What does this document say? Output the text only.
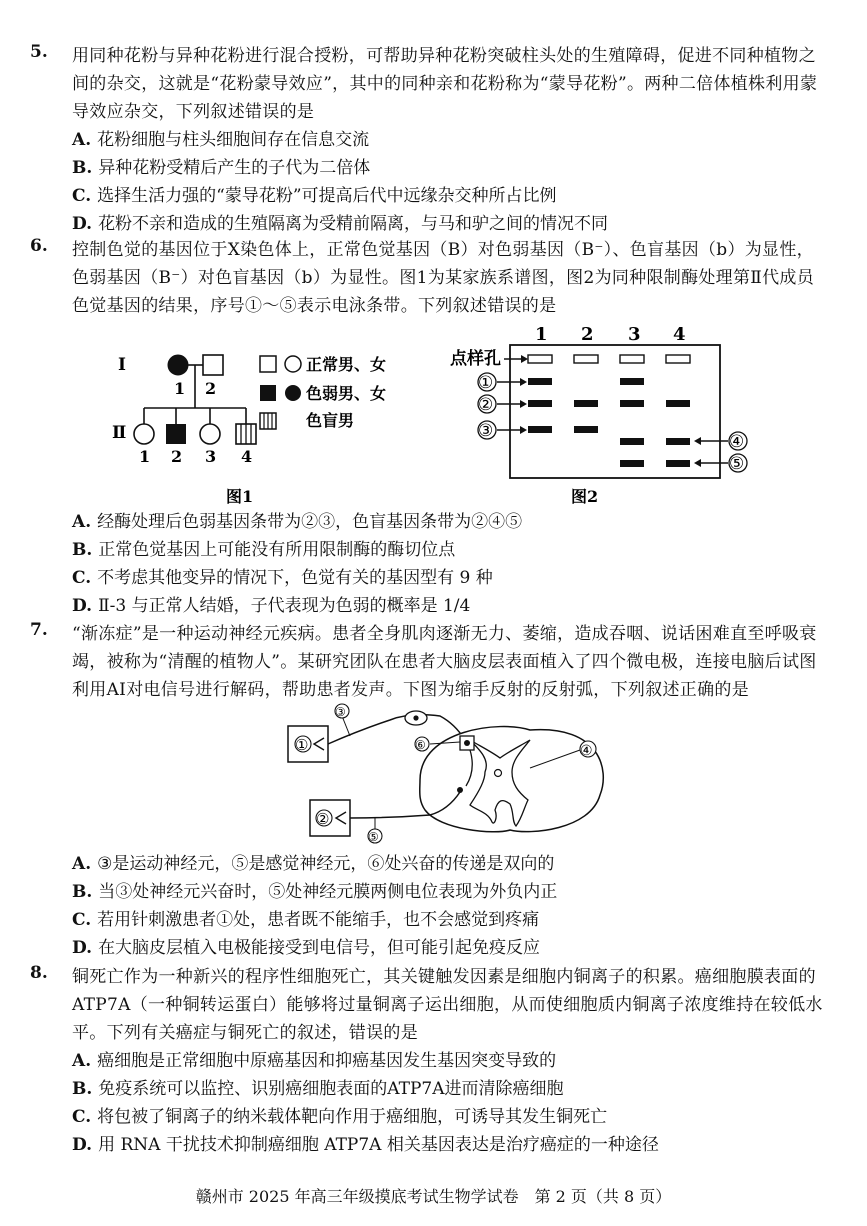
5. 用同种花粉与异种花粉进行混合授粉，可帮助异种花粉突破柱头处的生殖障碍，促进不同种植物之间的杂交，这就是“花粉蒙导效应”，其中的同种亲和花粉称为“蒙导花粉”。两种二倍体植株利用蒙导效应杂交，下列叙述错误的是
A. 花粉细胞与柱头细胞间存在信息交流
B. 异种花粉受精后产生的子代为二倍体
C. 选择生活力强的“蒙导花粉”可提高后代中远缘杂交种所占比例
D. 花粉不亲和造成的生殖隔离为受精前隔离，与马和驴之间的情况不同
6. 控制色觉的基因位于X染色体上，正常色觉基因（B）对色弱基因（B⁻）、色盲基因（b）为显性，色弱基因（B⁻）对色盲基因（b）为显性。图1为某家族系谱图，图2为同种限制酶处理第Ⅱ代成员色觉基因的结果，序号①～⑤表示电泳条带。下列叙述错误的是
I
1 2
Ⅱ
1 2 3 4
正常男、女
色弱男、女
色盲男
图1
1 2 3 4
点样孔
①
②
③
④
⑤
图2
A. 经酶处理后色弱基因条带为②③，色盲基因条带为②④⑤
B. 正常色觉基因上可能没有所用限制酶的酶切位点
C. 不考虑其他变异的情况下，色觉有关的基因型有 9 种
D. Ⅱ-3 与正常人结婚，子代表现为色弱的概率是 1/4
7. “渐冻症”是一种运动神经元疾病。患者全身肌肉逐渐无力、萎缩，造成吞咽、说话困难直至呼吸衰竭，被称为“清醒的植物人”。某研究团队在患者大脑皮层表面植入了四个微电极，连接电脑后试图利用AI对电信号进行解码，帮助患者发声。下图为缩手反射的反射弧，下列叙述正确的是
①
②
③
⑥
⑤
④
A. ③是运动神经元，⑤是感觉神经元，⑥处兴奋的传递是双向的
B. 当③处神经元兴奋时，⑤处神经元膜两侧电位表现为外负内正
C. 若用针刺激患者①处，患者既不能缩手，也不会感觉到疼痛
D. 在大脑皮层植入电极能接受到电信号，但可能引起免疫反应
8. 铜死亡作为一种新兴的程序性细胞死亡，其关键触发因素是细胞内铜离子的积累。癌细胞膜表面的 ATP7A（一种铜转运蛋白）能够将过量铜离子运出细胞，从而使细胞质内铜离子浓度维持在较低水平。下列有关癌症与铜死亡的叙述，错误的是
A. 癌细胞是正常细胞中原癌基因和抑癌基因发生基因突变导致的
B. 免疫系统可以监控、识别癌细胞表面的ATP7A进而清除癌细胞
C. 将包被了铜离子的纳米载体靶向作用于癌细胞，可诱导其发生铜死亡
D. 用 RNA 干扰技术抑制癌细胞 ATP7A 相关基因表达是治疗癌症的一种途径
赣州市 2025 年高三年级摸底考试生物学试卷　第 2 页（共 8 页）
